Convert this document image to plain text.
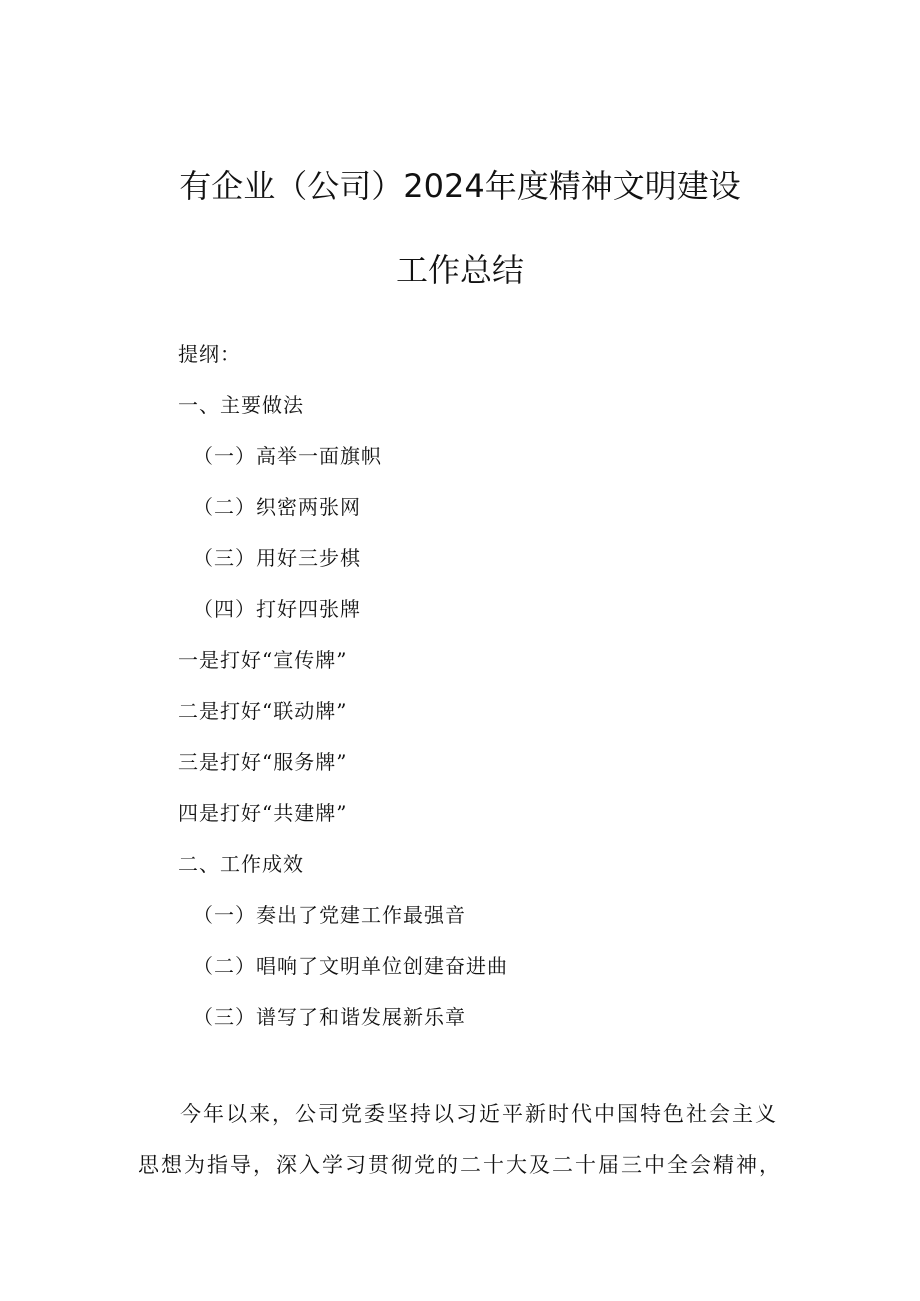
有企业（公司）2024年度精神文明建设
工作总结
提纲：
一、主要做法
（一）高举一面旗帜
（二）织密两张网
（三）用好三步棋
（四）打好四张牌
一是打好“宣传牌”
二是打好“联动牌”
三是打好“服务牌”
四是打好“共建牌”
二、工作成效
（一）奏出了党建工作最强音
（二）唱响了文明单位创建奋进曲
（三）谱写了和谐发展新乐章
今年以来，公司党委坚持以习近平新时代中国特色社会主义
思想为指导，深入学习贯彻党的二十大及二十届三中全会精神，
